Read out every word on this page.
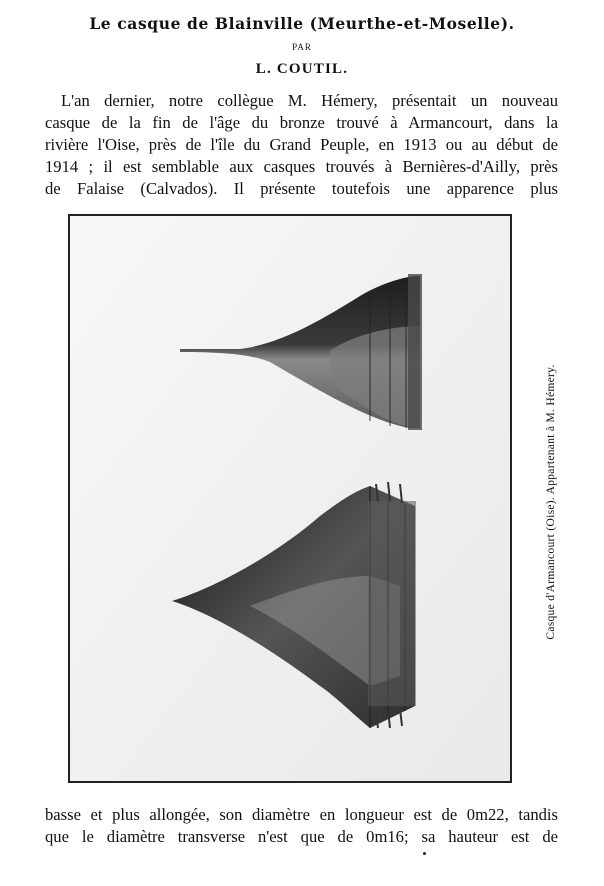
Le casque de Blainville (Meurthe-et-Moselle).
PAR
L. COUTIL.
L'an dernier, notre collègue M. Hémery, présentait un nouveau
casque de la fin de l'âge du bronze trouvé à Armancourt, dans la
rivière l'Oise, près de l'île du Grand Peuple, en 1913 ou au début de
1914 ; il est semblable aux casques trouvés à Bernières-d'Ailly, près
de Falaise (Calvados). Il présente toutefois une apparence plus
Casque d'Armancourt (Oise). Appartenant à M. Hémery.
basse et plus allongée, son diamètre en longueur est de 0m22, tandis
que le diamètre transverse n'est que de 0m16; sa hauteur est de
